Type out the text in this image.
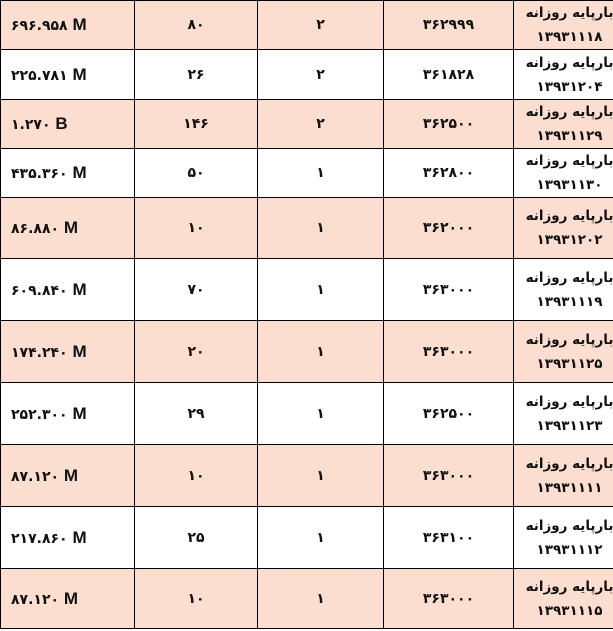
۶۹۶.۹۵۸ M	۸۰	۲	۳۶۲۹۹۹	بارپایه روزانه
۱۳۹۳۱۱۱۸

۲۲۵.۷۸۱ M	۲۶	۲	۳۶۱۸۲۸	بارپایه روزانه
۱۳۹۳۱۲۰۴

۱.۲۷۰ B	۱۴۶	۲	۳۶۲۵۰۰	بارپایه روزانه
۱۳۹۳۱۱۲۹

۴۳۵.۳۶۰ M	۵۰	۱	۳۶۲۸۰۰	بارپایه روزانه
۱۳۹۳۱۱۳۰

۸۶.۸۸۰ M	۱۰	۱	۳۶۲۰۰۰	بارپایه روزانه
۱۳۹۳۱۲۰۲

۶۰۹.۸۴۰ M	۷۰	۱	۳۶۳۰۰۰	بارپایه روزانه
۱۳۹۳۱۱۱۹

۱۷۴.۲۴۰ M	۲۰	۱	۳۶۳۰۰۰	بارپایه روزانه
۱۳۹۳۱۱۲۵

۲۵۲.۳۰۰ M	۲۹	۱	۳۶۲۵۰۰	بارپایه روزانه
۱۳۹۳۱۱۲۳

۸۷.۱۲۰ M	۱۰	۱	۳۶۳۰۰۰	بارپایه روزانه
۱۳۹۳۱۱۱۱

۲۱۷.۸۶۰ M	۲۵	۱	۳۶۳۱۰۰	بارپایه روزانه
۱۳۹۳۱۱۱۲

۸۷.۱۲۰ M	۱۰	۱	۳۶۳۰۰۰	بارپایه روزانه
۱۳۹۳۱۱۱۵
